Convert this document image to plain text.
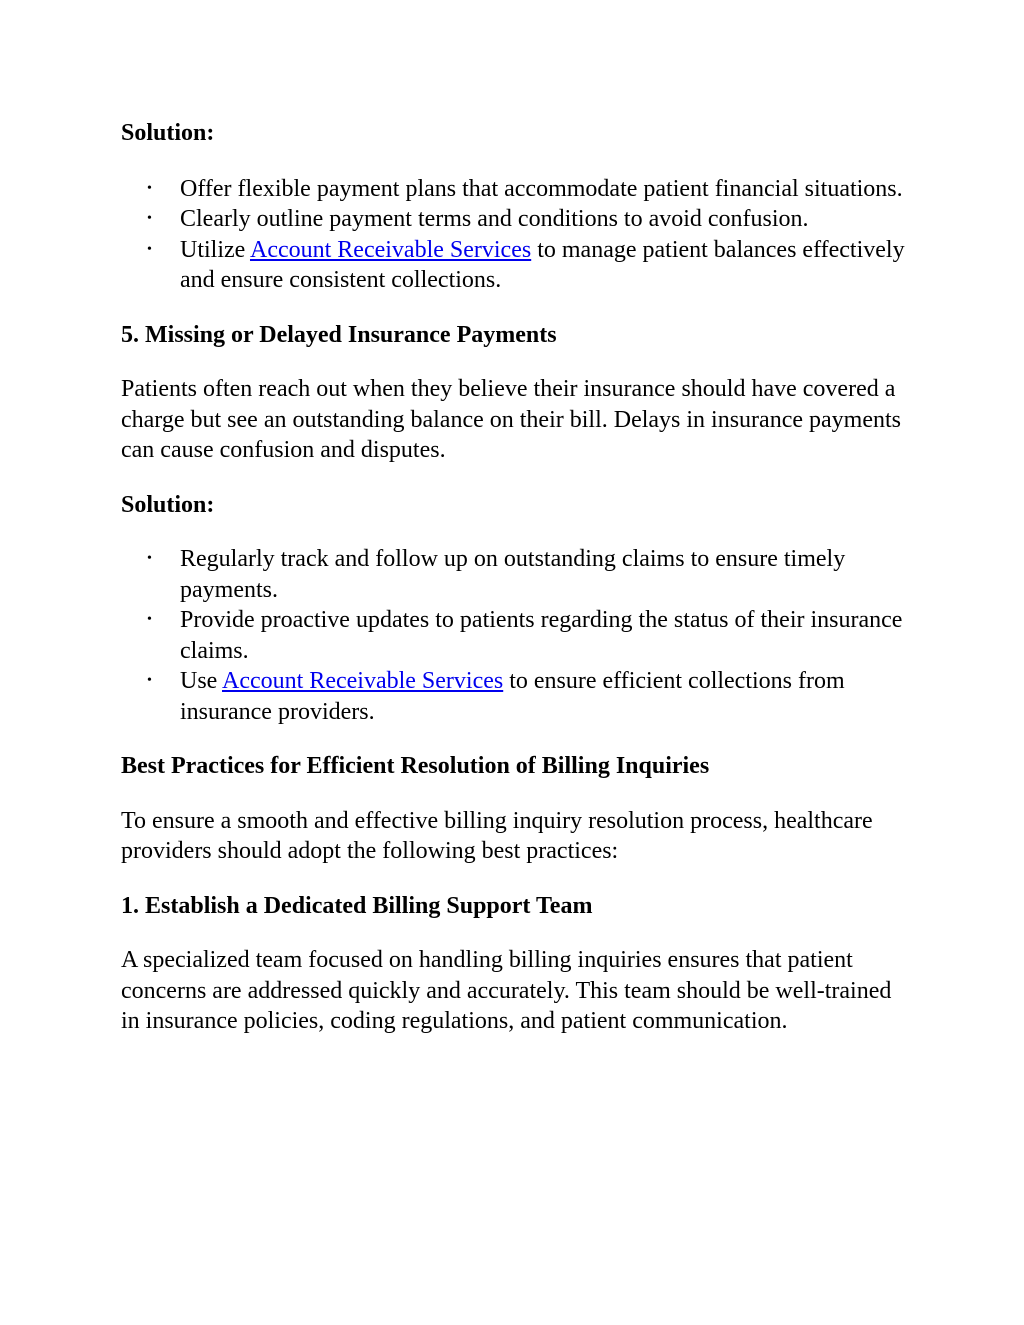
Solution:

• Offer flexible payment plans that accommodate patient financial situations.
• Clearly outline payment terms and conditions to avoid confusion.
• Utilize Account Receivable Services to manage patient balances effectively and ensure consistent collections.

5. Missing or Delayed Insurance Payments

Patients often reach out when they believe their insurance should have covered a charge but see an outstanding balance on their bill. Delays in insurance payments can cause confusion and disputes.

Solution:

• Regularly track and follow up on outstanding claims to ensure timely payments.
• Provide proactive updates to patients regarding the status of their insurance claims.
• Use Account Receivable Services to ensure efficient collections from insurance providers.

Best Practices for Efficient Resolution of Billing Inquiries

To ensure a smooth and effective billing inquiry resolution process, healthcare providers should adopt the following best practices:

1. Establish a Dedicated Billing Support Team

A specialized team focused on handling billing inquiries ensures that patient concerns are addressed quickly and accurately. This team should be well-trained in insurance policies, coding regulations, and patient communication.
